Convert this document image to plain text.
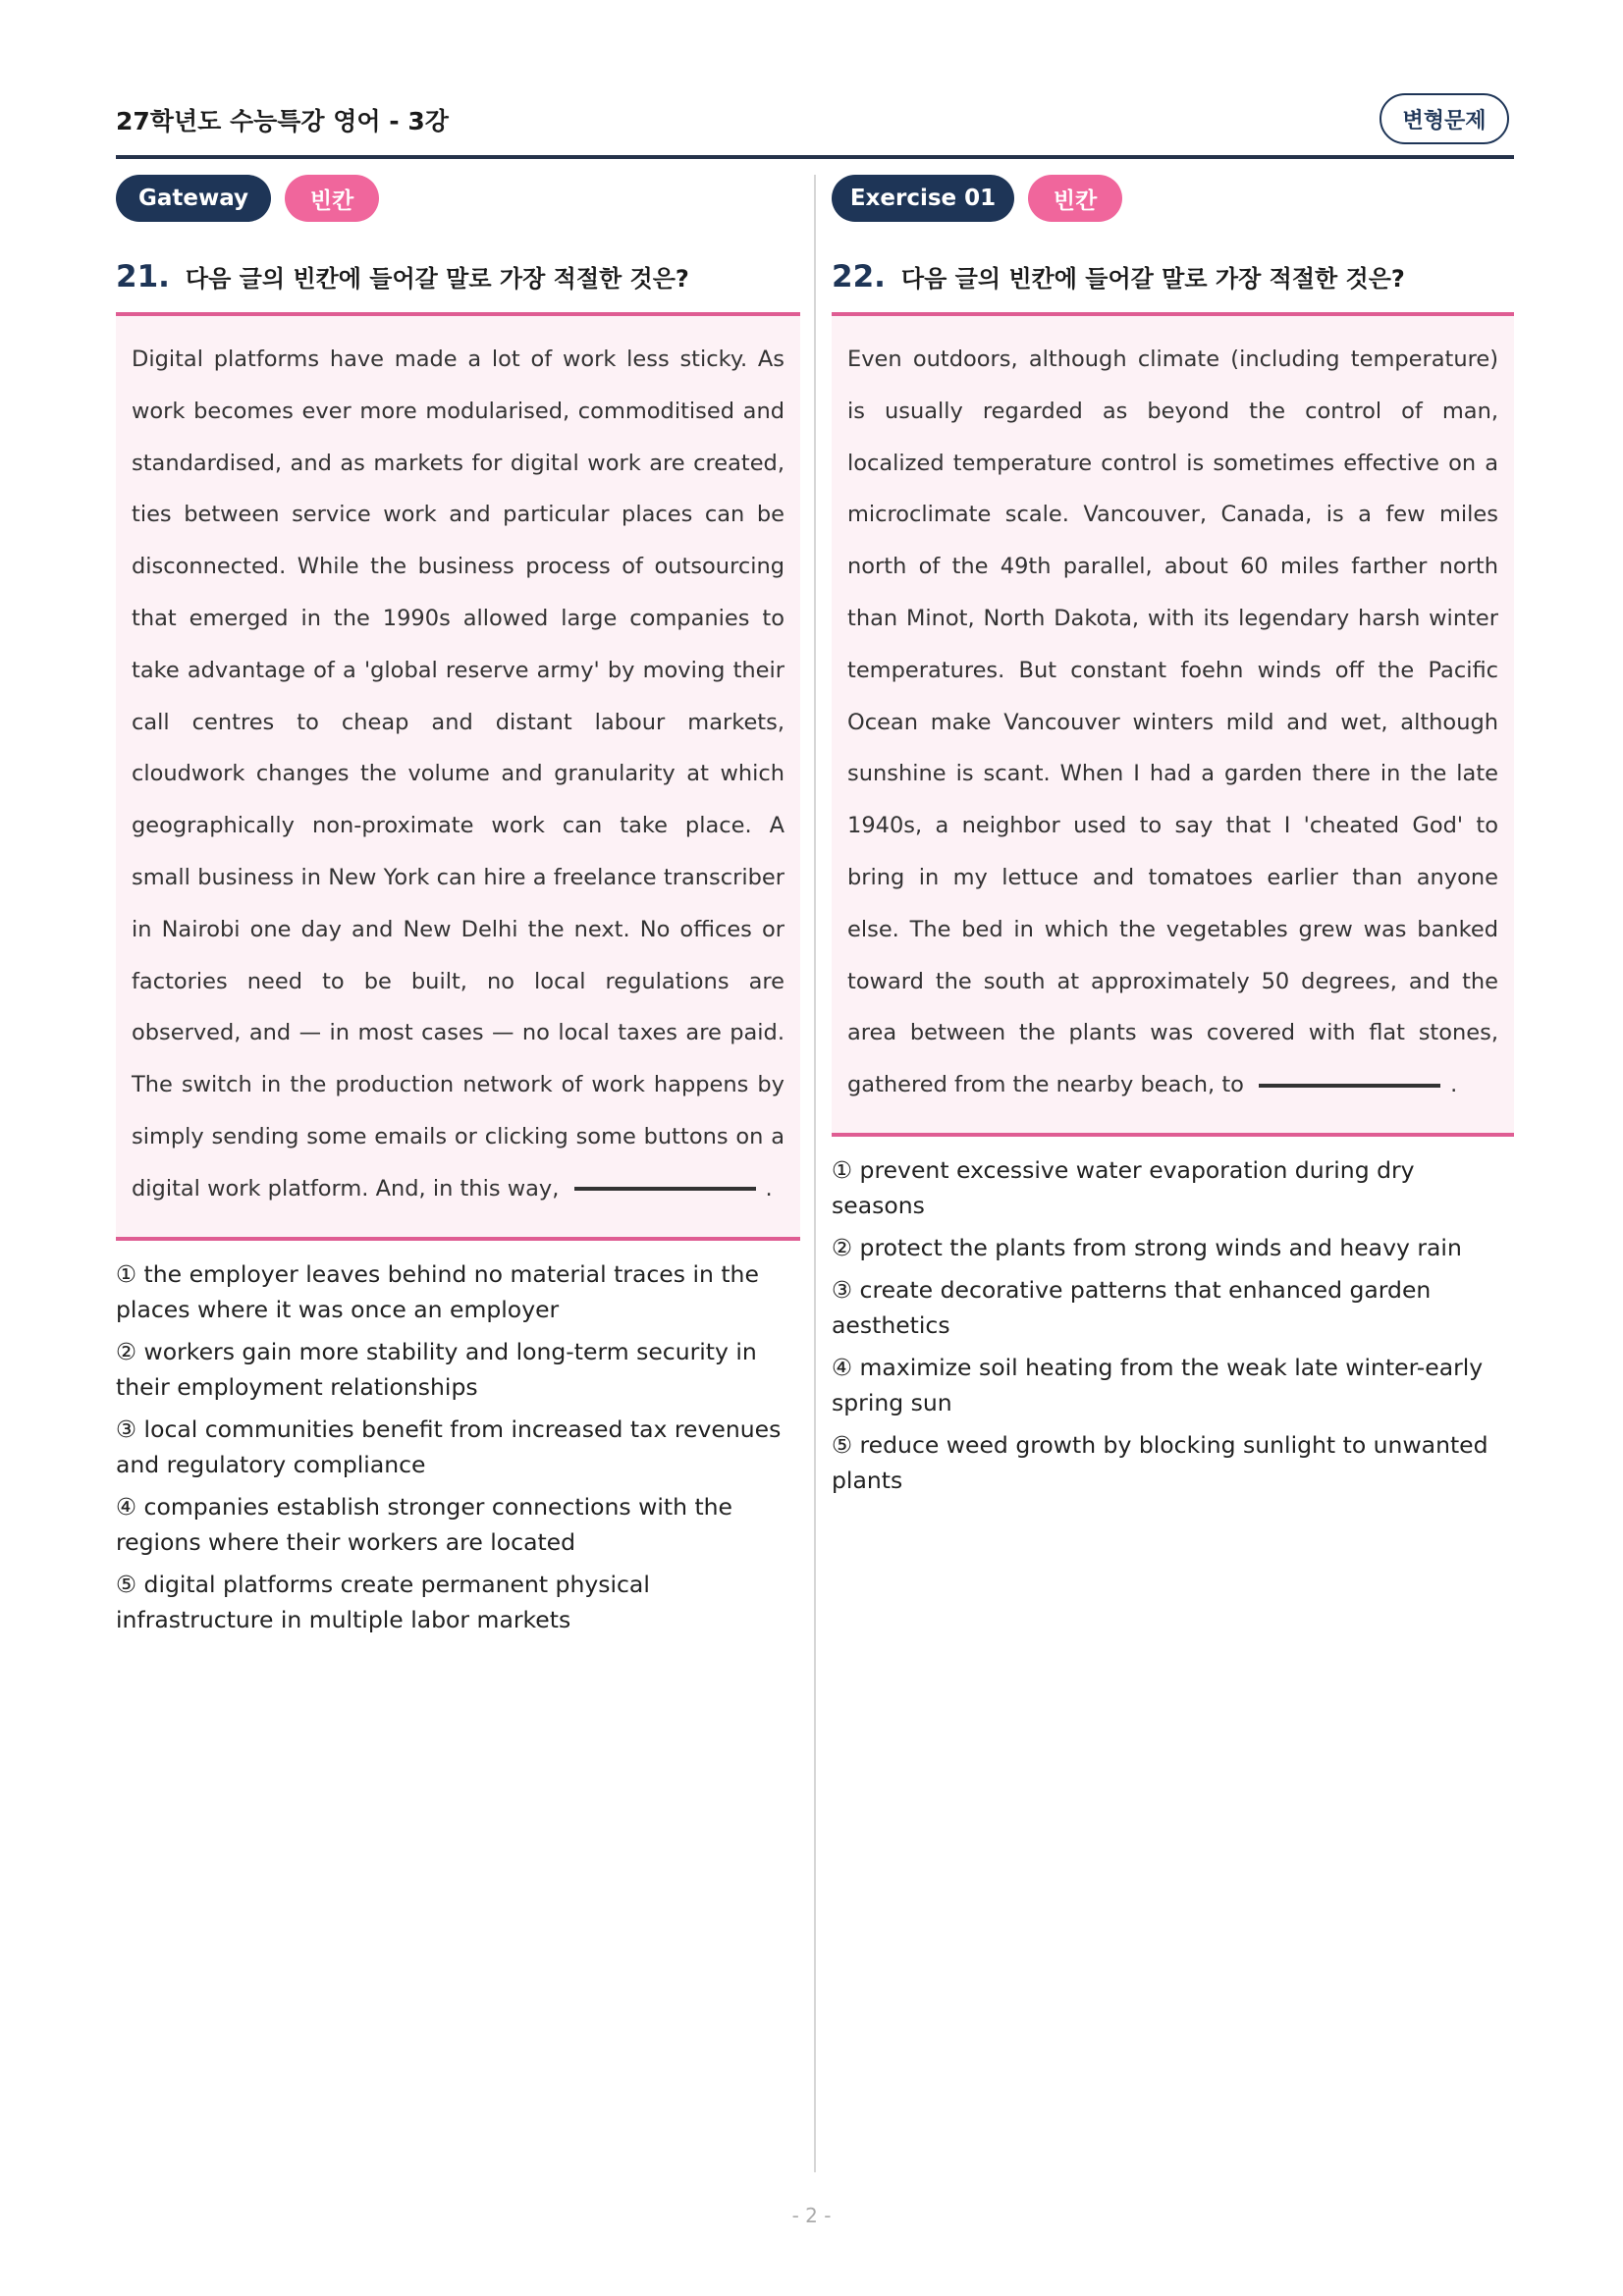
27학년도 수능특강 영어 - 3강	변형문제
Gateway	빈칸
21. 다음 글의 빈칸에 들어갈 말로 가장 적절한 것은?
Digital platforms have made a lot of work less sticky. As work becomes ever more modularised, commoditised and standardised, and as markets for digital work are created, ties between service work and particular places can be disconnected. While the business process of outsourcing that emerged in the 1990s allowed large companies to take advantage of a 'global reserve army' by moving their call centres to cheap and distant labour markets, cloudwork changes the volume and granularity at which geographically non-proximate work can take place. A small business in New York can hire a freelance transcriber in Nairobi one day and New Delhi the next. No offices or factories need to be built, no local regulations are observed, and — in most cases — no local taxes are paid. The switch in the production network of work happens by simply sending some emails or clicking some buttons on a digital work platform. And, in this way,	.
① the employer leaves behind no material traces in the places where it was once an employer
② workers gain more stability and long-term security in their employment relationships
③ local communities benefit from increased tax revenues and regulatory compliance
④ companies establish stronger connections with the regions where their workers are located
⑤ digital platforms create permanent physical infrastructure in multiple labor markets
Exercise 01	빈칸
22. 다음 글의 빈칸에 들어갈 말로 가장 적절한 것은?
Even outdoors, although climate (including temperature) is usually regarded as beyond the control of man, localized temperature control is sometimes effective on a microclimate scale. Vancouver, Canada, is a few miles north of the 49th parallel, about 60 miles farther north than Minot, North Dakota, with its legendary harsh winter temperatures. But constant foehn winds off the Pacific Ocean make Vancouver winters mild and wet, although sunshine is scant. When I had a garden there in the late 1940s, a neighbor used to say that I 'cheated God' to bring in my lettuce and tomatoes earlier than anyone else. The bed in which the vegetables grew was banked toward the south at approximately 50 degrees, and the area between the plants was covered with flat stones, gathered from the nearby beach, to	.
① prevent excessive water evaporation during dry seasons
② protect the plants from strong winds and heavy rain
③ create decorative patterns that enhanced garden aesthetics
④ maximize soil heating from the weak late winter-early spring sun
⑤ reduce weed growth by blocking sunlight to unwanted plants
- 2 -
